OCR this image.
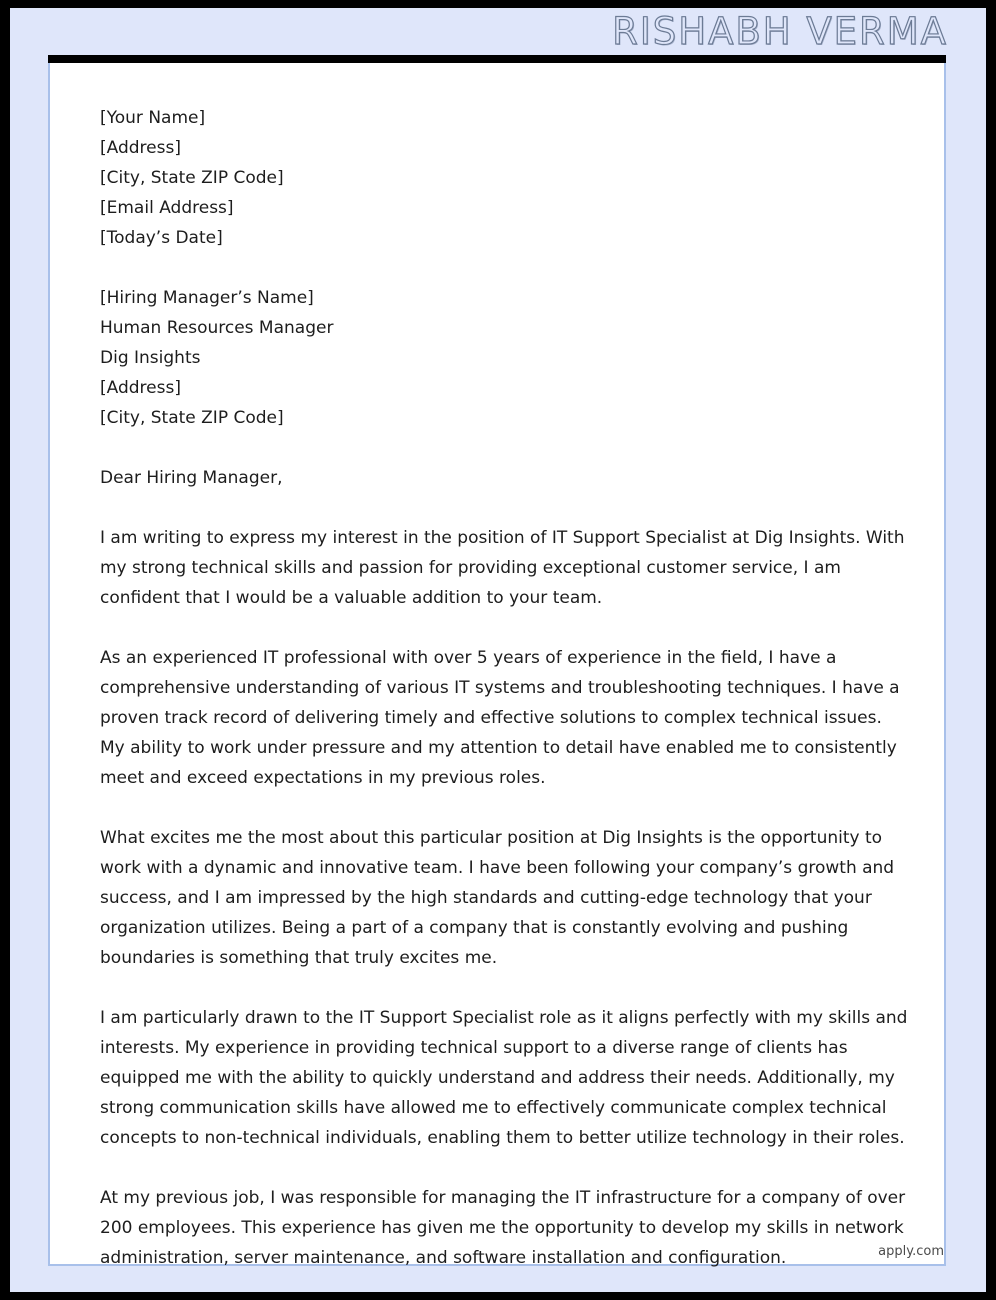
RISHABH VERMA
[Your Name]
[Address]
[City, State ZIP Code]
[Email Address]
[Today’s Date]
[Hiring Manager’s Name]
Human Resources Manager
Dig Insights
[Address]
[City, State ZIP Code]

Dear Hiring Manager,

I am writing to express my interest in the position of IT Support Specialist at Dig Insights. With my strong technical skills and passion for providing exceptional customer service, I am confident that I would be a valuable addition to your team.

As an experienced IT professional with over 5 years of experience in the field, I have a comprehensive understanding of various IT systems and troubleshooting techniques. I have a proven track record of delivering timely and effective solutions to complex technical issues. My ability to work under pressure and my attention to detail have enabled me to consistently meet and exceed expectations in my previous roles.

What excites me the most about this particular position at Dig Insights is the opportunity to work with a dynamic and innovative team. I have been following your company’s growth and success, and I am impressed by the high standards and cutting-edge technology that your organization utilizes. Being a part of a company that is constantly evolving and pushing boundaries is something that truly excites me.

I am particularly drawn to the IT Support Specialist role as it aligns perfectly with my skills and interests. My experience in providing technical support to a diverse range of clients has equipped me with the ability to quickly understand and address their needs. Additionally, my strong communication skills have allowed me to effectively communicate complex technical concepts to non-technical individuals, enabling them to better utilize technology in their roles.

At my previous job, I was responsible for managing the IT infrastructure for a company of over 200 employees. This experience has given me the opportunity to develop my skills in network administration, server maintenance, and software installation and configuration.	apply.com
